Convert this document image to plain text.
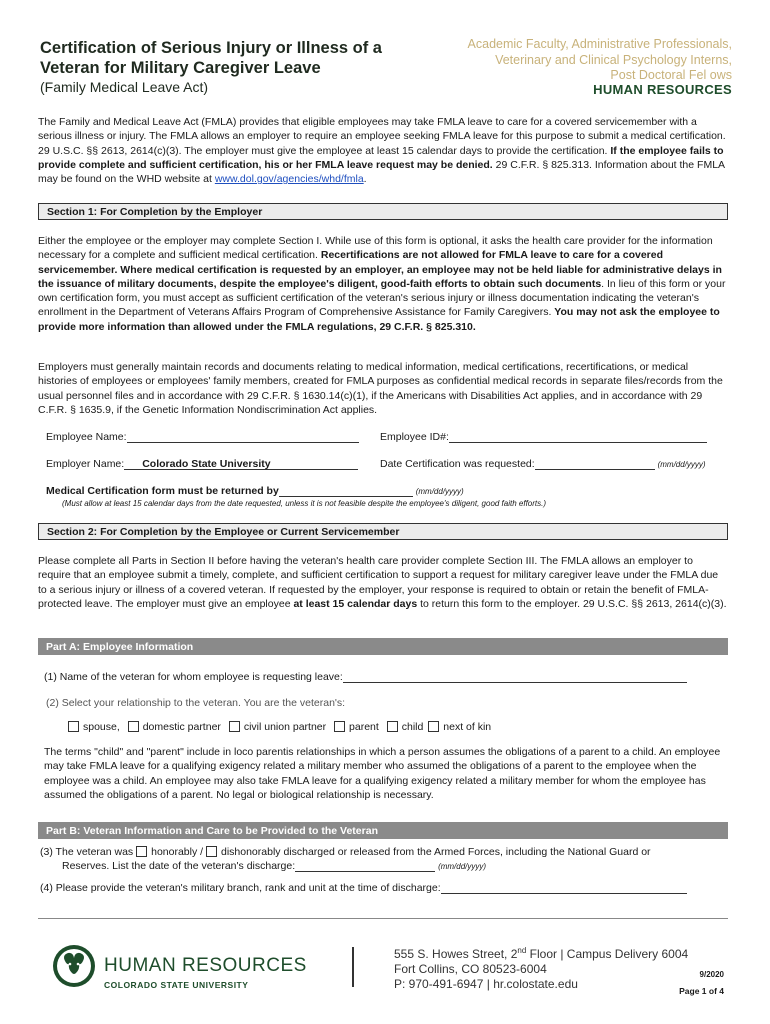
Certification of Serious Injury or Illness of a
Veteran for Military Caregiver Leave
(Family Medical Leave Act)
Academic Faculty, Administrative Professionals,
Veterinary and Clinical Psychology Interns,
Post Doctoral Fel ows
HUMAN RESOURCES
The Family and Medical Leave Act (FMLA) provides that eligible employees may take FMLA leave to care for a covered servicemember with a serious illness or injury. The FMLA allows an employer to require an employee seeking FMLA leave for this purpose to submit a medical certification. 29 U.S.C. §§ 2613, 2614(c)(3). The employer must give the employee at least 15 calendar days to provide the certification. If the employee fails to provide complete and sufficient certification, his or her FMLA leave request may be denied. 29 C.F.R. § 825.313. Information about the FMLA may be found on the WHD website at www.dol.gov/agencies/whd/fmla.
Section 1: For Completion by the Employer
Either the employee or the employer may complete Section I. While use of this form is optional, it asks the health care provider for the information necessary for a complete and sufficient medical certification. Recertifications are not allowed for FMLA leave to care for a covered servicemember. Where medical certification is requested by an employer, an employee may not be held liable for administrative delays in the issuance of military documents, despite the employee's diligent, good-faith efforts to obtain such documents. In lieu of this form or your own certification form, you must accept as sufficient certification of the veteran's serious injury or illness documentation indicating the veteran's enrollment in the Department of Veterans Affairs Program of Comprehensive Assistance for Family Caregivers. You may not ask the employee to provide more information than allowed under the FMLA regulations, 29 C.F.R. § 825.310.
Employers must generally maintain records and documents relating to medical information, medical certifications, recertifications, or medical histories of employees or employees' family members, created for FMLA purposes as confidential medical records in separate files/records from the usual personnel files and in accordance with 29 C.F.R. § 1630.14(c)(1), if the Americans with Disabilities Act applies, and in accordance with 29 C.F.R. § 1635.9, if the Genetic Information Nondiscrimination Act applies.
Employee Name:	Employee ID#:
Employer Name: Colorado State University	Date Certification was requested:	(mm/dd/yyyy)
Medical Certification form must be returned by	(mm/dd/yyyy)
(Must allow at least 15 calendar days from the date requested, unless it is not feasible despite the employee's diligent, good faith efforts.)
Section 2: For Completion by the Employee or Current Servicemember
Please complete all Parts in Section II before having the veteran's health care provider complete Section III. The FMLA allows an employer to require that an employee submit a timely, complete, and sufficient certification to support a request for military caregiver leave under the FMLA due to a serious injury or illness of a covered veteran. If requested by the employer, your response is required to obtain or retain the benefit of FMLA-protected leave. The employer must give an employee at least 15 calendar days to return this form to the employer. 29 U.S.C. §§ 2613, 2614(c)(3).
Part A: Employee Information
(1) Name of the veteran for whom employee is requesting leave:
(2) Select your relationship to the veteran. You are the veteran's:
spouse, domestic partner civil union partner parent child next of kin
The terms "child" and "parent" include in loco parentis relationships in which a person assumes the obligations of a parent to a child. An employee may take FMLA leave for a qualifying exigency related a military member who assumed the obligations of a parent to the employee when the employee was a child. An employee may also take FMLA leave for a qualifying exigency related a military member for whom the employee has assumed the obligations of a parent. No legal or biological relationship is necessary.
Part B: Veteran Information and Care to be Provided to the Veteran
(3) The veteran was honorably / dishonorably discharged or released from the Armed Forces, including the National Guard or
Reserves. List the date of the veteran's discharge:	(mm/dd/yyyy)
(4) Please provide the veteran's military branch, rank and unit at the time of discharge:
HUMAN RESOURCES
COLORADO STATE UNIVERSITY
555 S. Howes Street, 2nd Floor | Campus Delivery 6004
Fort Collins, CO 80523-6004
P: 970-491-6947 | hr.colostate.edu
9/2020
Page 1 of 4
